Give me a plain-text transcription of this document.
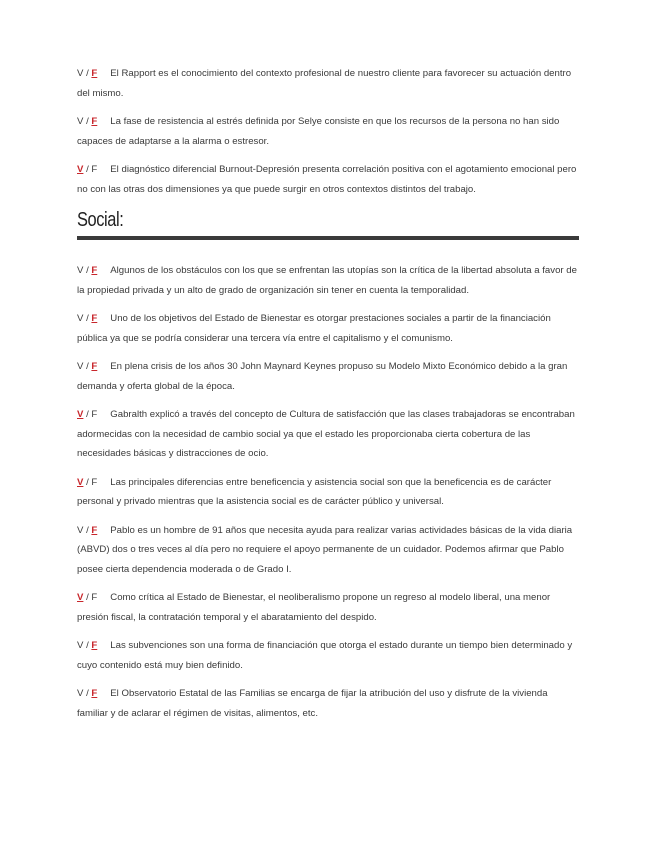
V / F El Rapport es el conocimiento del contexto profesional de nuestro cliente para favorecer su actuación dentro del mismo.
V / F La fase de resistencia al estrés definida por Selye consiste en que los recursos de la persona no han sido capaces de adaptarse a la alarma o estresor.
V / F El diagnóstico diferencial Burnout-Depresión presenta correlación positiva con el agotamiento emocional pero no con las otras dos dimensiones ya que puede surgir en otros contextos distintos del trabajo.
Social:
V / F Algunos de los obstáculos con los que se enfrentan las utopías son la crítica de la libertad absoluta a favor de la propiedad privada y un alto de grado de organización sin tener en cuenta la temporalidad.
V / F Uno de los objetivos del Estado de Bienestar es otorgar prestaciones sociales a partir de la financiación pública ya que se podría considerar una tercera vía entre el capitalismo y el comunismo.
V / F En plena crisis de los años 30 John Maynard Keynes propuso su Modelo Mixto Económico debido a la gran demanda y oferta global de la época.
V / F Gabralth explicó a través del concepto de Cultura de satisfacción que las clases trabajadoras se encontraban adormecidas con la necesidad de cambio social ya que el estado les proporcionaba cierta cobertura de las necesidades básicas y distracciones de ocio.
V / F Las principales diferencias entre beneficencia y asistencia social son que la beneficencia es de carácter personal y privado mientras que la asistencia social es de carácter público y universal.
V / F Pablo es un hombre de 91 años que necesita ayuda para realizar varias actividades básicas de la vida diaria (ABVD) dos o tres veces al día pero no requiere el apoyo permanente de un cuidador. Podemos afirmar que Pablo posee cierta dependencia moderada o de Grado I.
V / F Como crítica al Estado de Bienestar, el neoliberalismo propone un regreso al modelo liberal, una menor presión fiscal, la contratación temporal y el abaratamiento del despido.
V / F Las subvenciones son una forma de financiación que otorga el estado durante un tiempo bien determinado y cuyo contenido está muy bien definido.
V / F El Observatorio Estatal de las Familias se encarga de fijar la atribución del uso y disfrute de la vivienda familiar y de aclarar el régimen de visitas, alimentos, etc.
